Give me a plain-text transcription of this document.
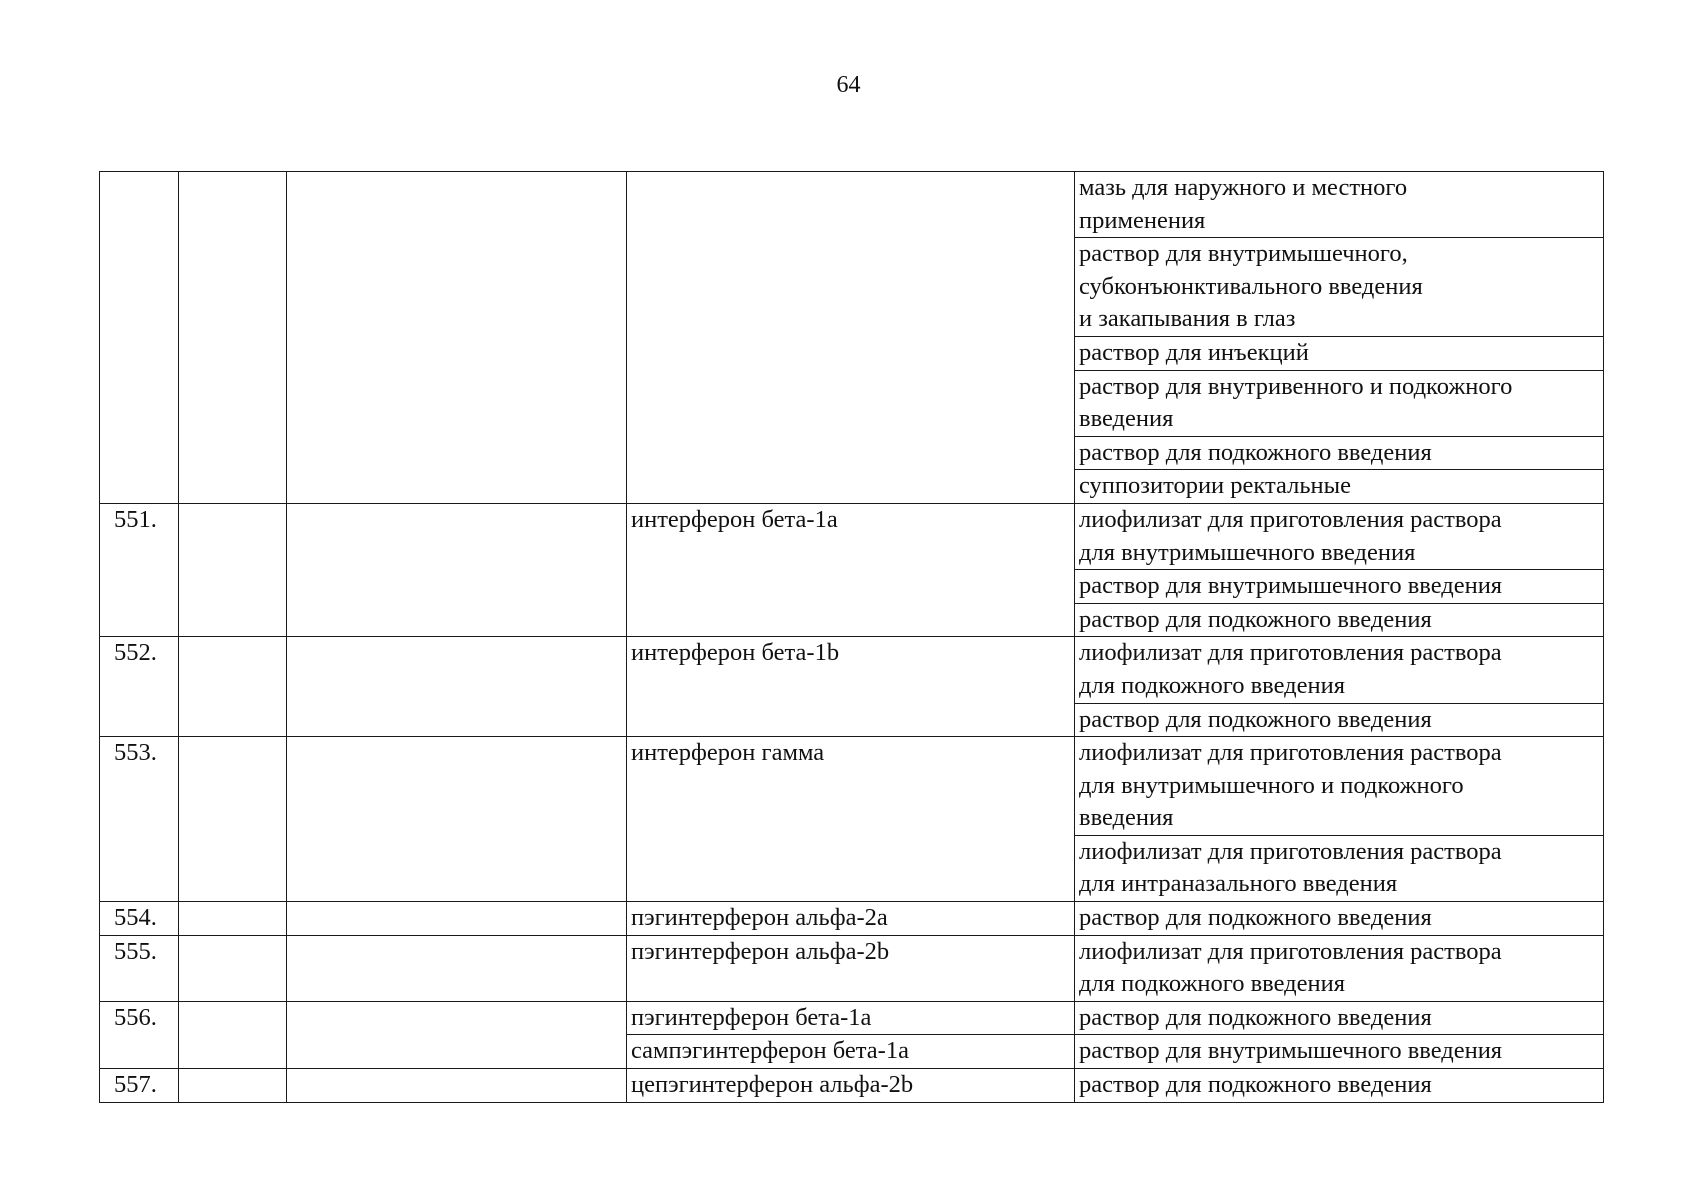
64
				мазь для наружного и местного
применения
				раствор для внутримышечного,
субконъюнктивального введения
и закапывания в глаз
				раствор для инъекций
				раствор для внутривенного и подкожного
введения
				раствор для подкожного введения
				суппозитории ректальные
551.			интерферон бета-1a	лиофилизат для приготовления раствора
для внутримышечного введения
				раствор для внутримышечного введения
				раствор для подкожного введения
552.			интерферон бета-1b	лиофилизат для приготовления раствора
для подкожного введения
				раствор для подкожного введения
553.			интерферон гамма	лиофилизат для приготовления раствора
для внутримышечного и подкожного
введения
				лиофилизат для приготовления раствора
для интраназального введения
554.			пэгинтерферон альфа-2a	раствор для подкожного введения
555.			пэгинтерферон альфа-2b	лиофилизат для приготовления раствора
для подкожного введения
556.			пэгинтерферон бета-1a	раствор для подкожного введения
			сампэгинтерферон бета-1a	раствор для внутримышечного введения
557.			цепэгинтерферон альфа-2b	раствор для подкожного введения
